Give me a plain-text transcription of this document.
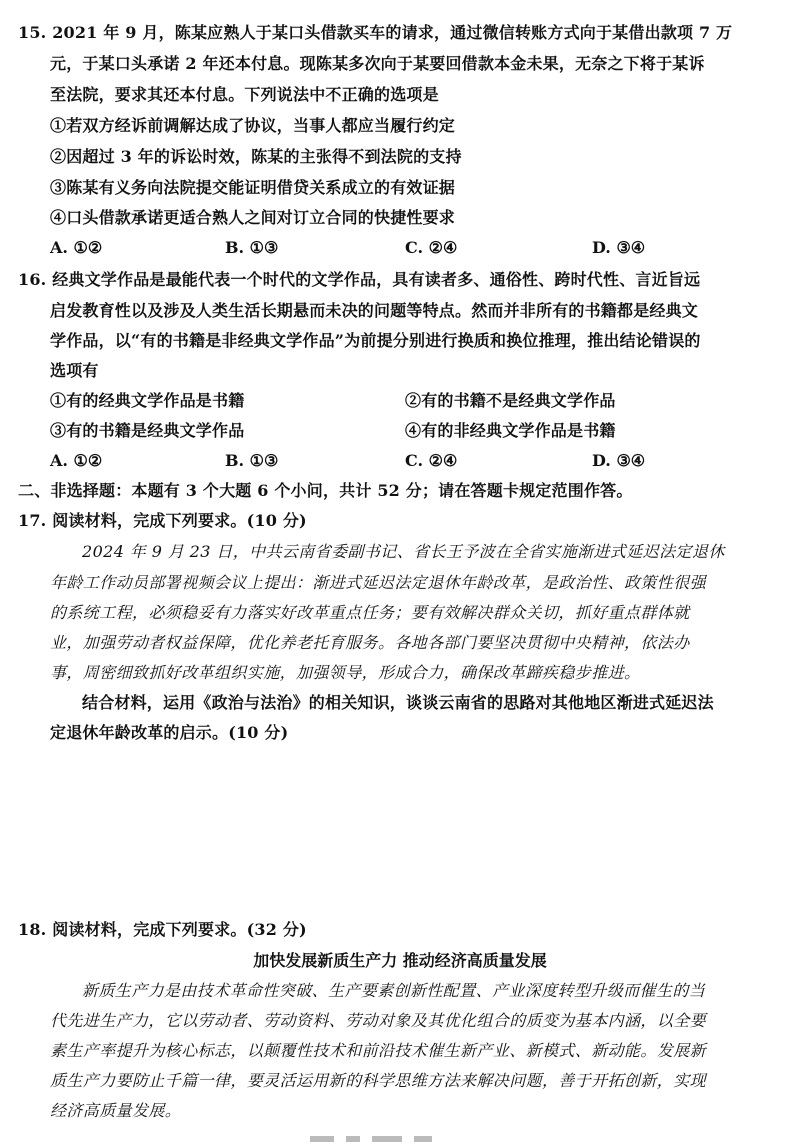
15. 2021 年 9 月，陈某应熟人于某口头借款买车的请求，通过微信转账方式向于某借出款项 7 万
元，于某口头承诺 2 年还本付息。现陈某多次向于某要回借款本金未果，无奈之下将于某诉
至法院，要求其还本付息。下列说法中不正确的选项是
①若双方经诉前调解达成了协议，当事人都应当履行约定
②因超过 3 年的诉讼时效，陈某的主张得不到法院的支持
③陈某有义务向法院提交能证明借贷关系成立的有效证据
④口头借款承诺更适合熟人之间对订立合同的快捷性要求
A. ①②	B. ①③	C. ②④	D. ③④
16. 经典文学作品是最能代表一个时代的文学作品，具有读者多、通俗性、跨时代性、言近旨远
启发教育性以及涉及人类生活长期悬而未决的问题等特点。然而并非所有的书籍都是经典文
学作品，以“有的书籍是非经典文学作品”为前提分别进行换质和换位推理，推出结论错误的
选项有
①有的经典文学作品是书籍	②有的书籍不是经典文学作品
③有的书籍是经典文学作品	④有的非经典文学作品是书籍
A. ①②	B. ①③	C. ②④	D. ③④
二、非选择题：本题有 3 个大题 6 个小问，共计 52 分；请在答题卡规定范围作答。
17. 阅读材料，完成下列要求。(10 分)
2024 年 9 月 23 日，中共云南省委副书记、省长王予波在全省实施渐进式延迟法定退休
年龄工作动员部署视频会议上提出：渐进式延迟法定退休年龄改革，是政治性、政策性很强
的系统工程，必须稳妥有力落实好改革重点任务；要有效解决群众关切，抓好重点群体就
业，加强劳动者权益保障，优化养老托育服务。各地各部门要坚决贯彻中央精神，依法办
事，周密细致抓好改革组织实施，加强领导，形成合力，确保改革蹄疾稳步推进。
结合材料，运用《政治与法治》的相关知识，谈谈云南省的思路对其他地区渐进式延迟法
定退休年龄改革的启示。(10 分)
18. 阅读材料，完成下列要求。(32 分)
加快发展新质生产力 推动经济高质量发展
新质生产力是由技术革命性突破、生产要素创新性配置、产业深度转型升级而催生的当
代先进生产力，它以劳动者、劳动资料、劳动对象及其优化组合的质变为基本内涵，以全要
素生产率提升为核心标志，以颠覆性技术和前沿技术催生新产业、新模式、新动能。发展新
质生产力要防止千篇一律，要灵活运用新的科学思维方法来解决问题，善于开拓创新，实现
经济高质量发展。
